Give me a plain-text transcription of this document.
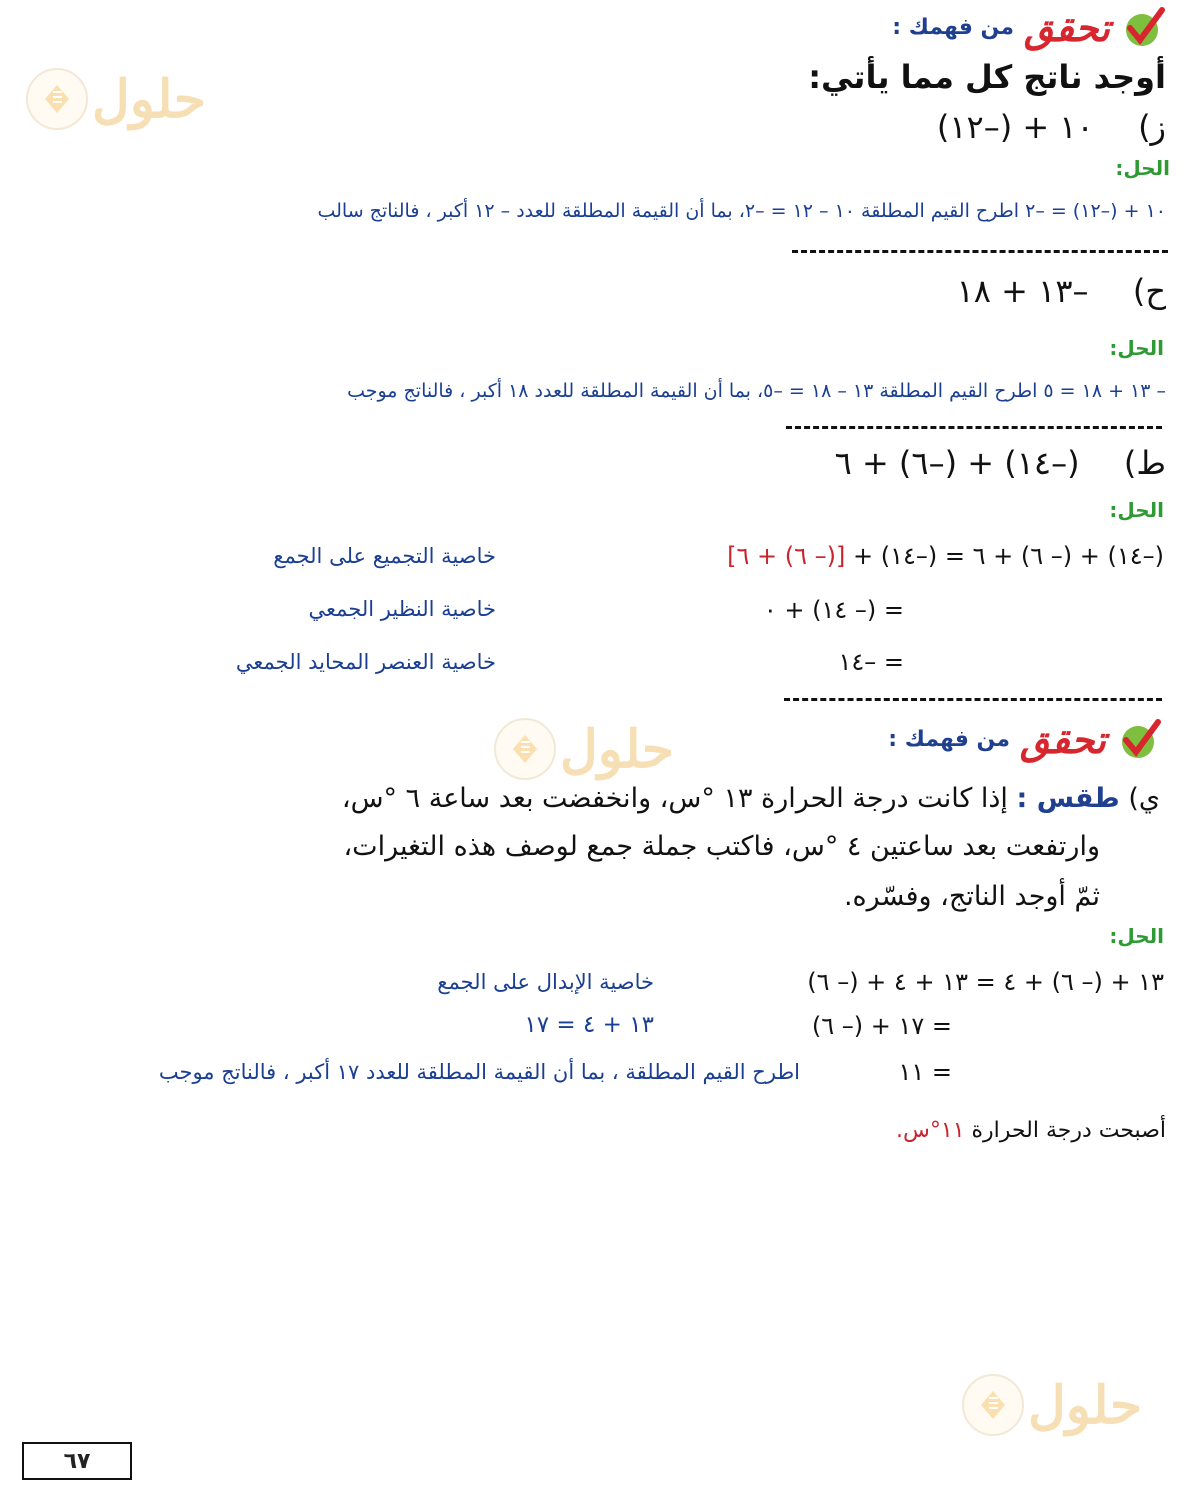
حلول
حلول
حلول
تحقق
من فهمك :
أوجد ناتج كل مما يأتي:
ز)  ١٠ + (–١٢)
الحل:
١٠ + (–١٢) = –٢ اطرح القيم المطلقة ١٠ – ١٢ = –٢، بما أن القيمة المطلقة للعدد – ١٢ أكبر ، فالناتج سالب
ح)  –١٣ + ١٨
الحل:
– ١٣ + ١٨ = ٥ اطرح القيم المطلقة ١٣ – ١٨ = –٥، بما أن القيمة المطلقة للعدد ١٨ أكبر ، فالناتج موجب
ط)  (–١٤) + (–٦) + ٦
الحل:
(–١٤) + (– ٦) + ٦ = (–١٤) + [(– ٦) + ٦]
خاصية التجميع على الجمع
= (– ١٤) + ٠
خاصية النظير الجمعي
= –١٤
خاصية العنصر المحايد الجمعي
تحقق
من فهمك :
ي) طقس : إذا كانت درجة الحرارة ١٣ °س، وانخفضت بعد ساعة ٦ °س،
وارتفعت بعد ساعتين ٤ °س، فاكتب جملة جمع لوصف هذه التغيرات،
ثمّ أوجد الناتج، وفسّره.
الحل:
١٣ + (– ٦) + ٤ = ١٣ + ٤ + (– ٦)
خاصية الإبدال على الجمع
= ١٧ + (– ٦)
١٣ + ٤ = ١٧
= ١١
اطرح القيم المطلقة ، بما أن القيمة المطلقة للعدد ١٧ أكبر ، فالناتج موجب
أصبحت درجة الحرارة ١١°س.
٦٧
